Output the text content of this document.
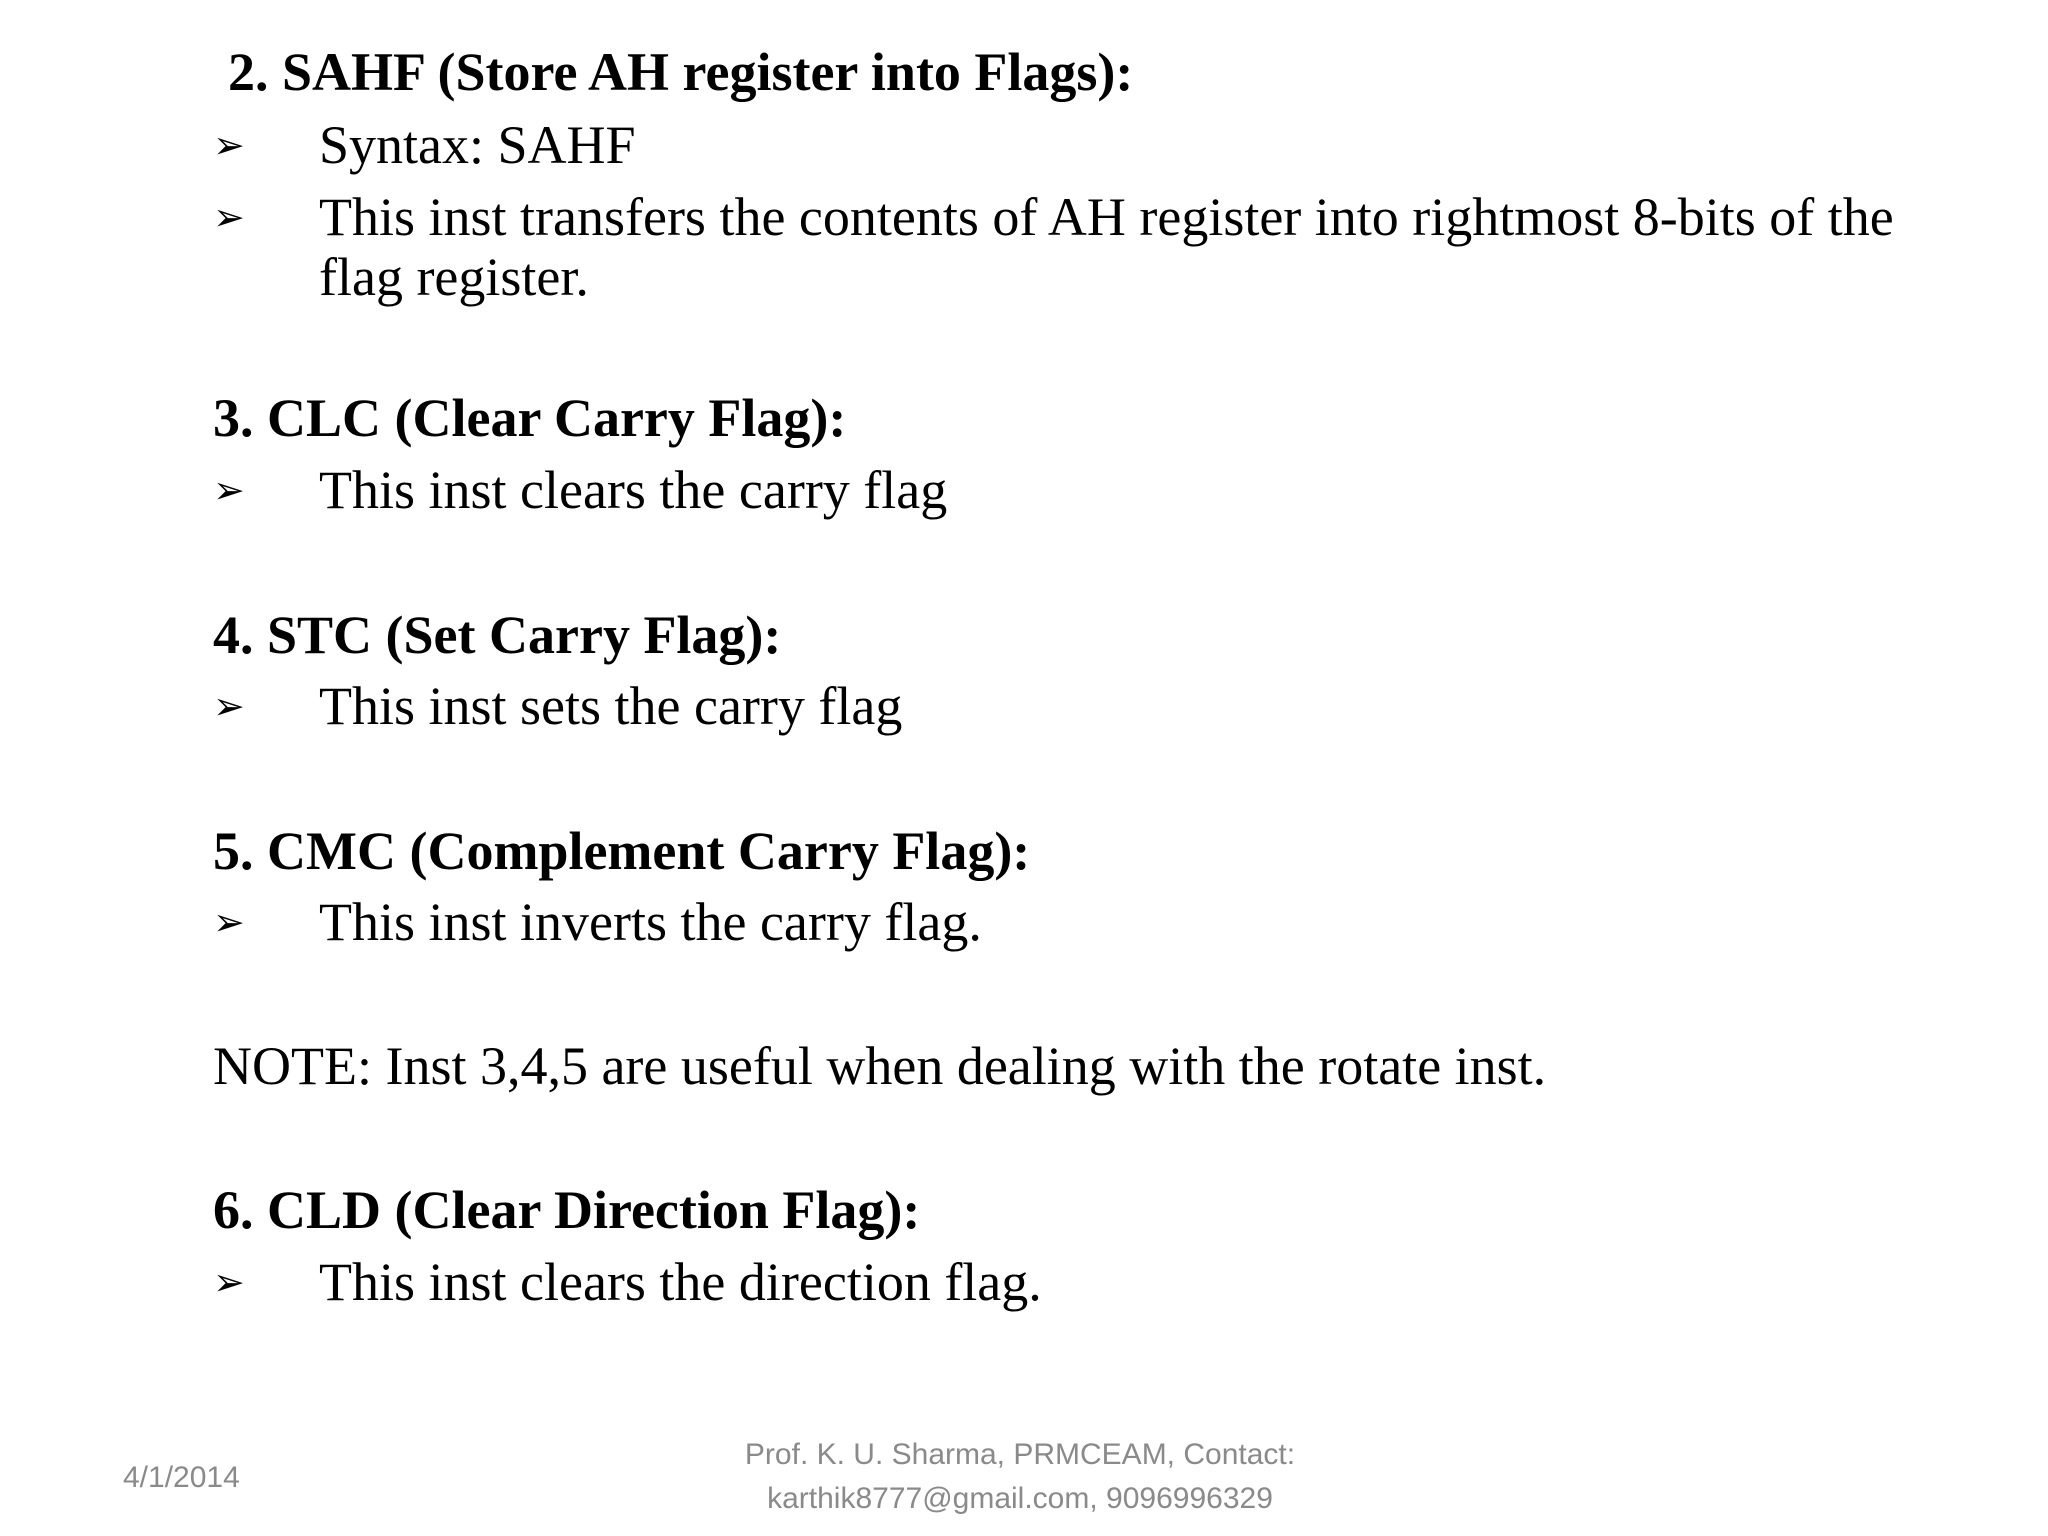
2. SAHF (Store AH register into Flags):
➢	Syntax: SAHF
➢	This inst transfers the contents of AH register into rightmost 8-bits of the flag register.
3. CLC (Clear Carry Flag):
➢	This inst clears the carry flag
4. STC (Set Carry Flag):
➢	This inst sets the carry flag
5. CMC (Complement Carry Flag):
➢	This inst inverts the carry flag.
NOTE: Inst 3,4,5 are useful when dealing with the rotate inst.
6. CLD (Clear Direction Flag):
➢	This inst clears the direction flag.
4/1/2014
Prof. K. U. Sharma, PRMCEAM, Contact:
karthik8777@gmail.com, 9096996329
